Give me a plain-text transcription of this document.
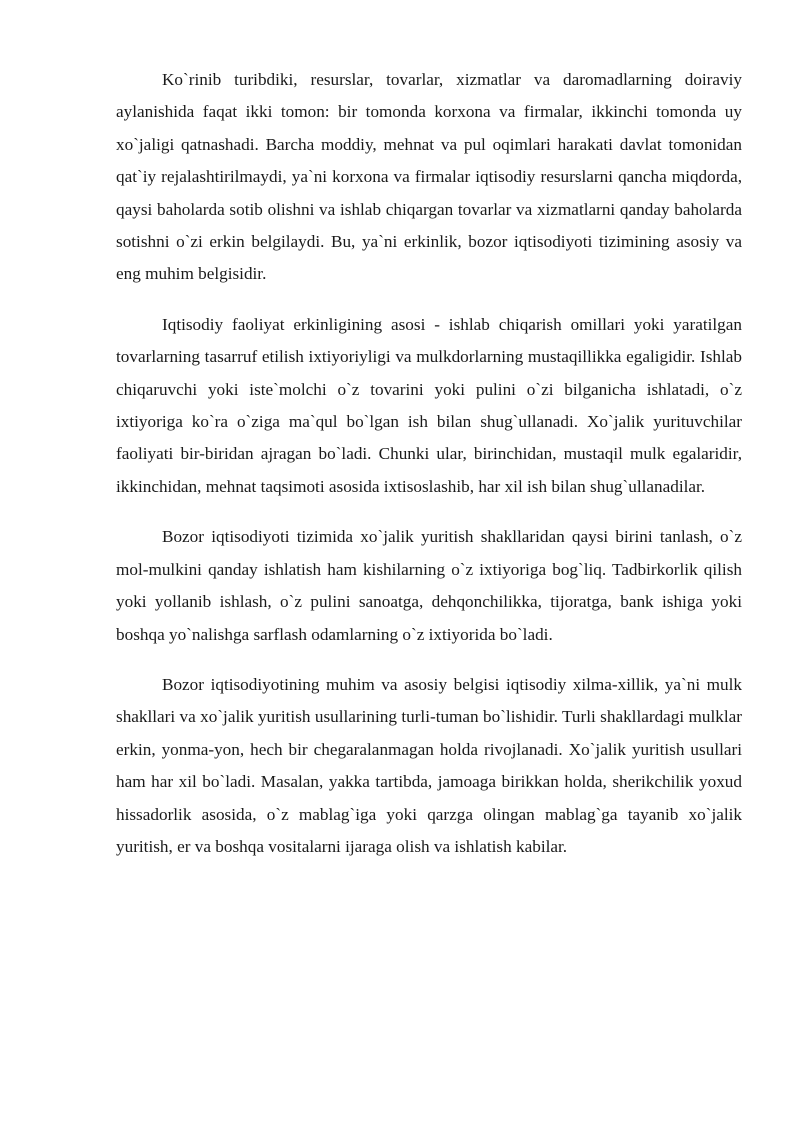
Ko`rinib turibdiki, resurslar, tovarlar, xizmatlar va daromadlarning doiraviy aylanishida faqat ikki tomon: bir tomonda korxona va firmalar, ikkinchi tomonda uy xo`jaligi qatnashadi. Barcha moddiy, mehnat va pul oqimlari harakati davlat tomonidan qat`iy rejalashtirilmaydi, ya`ni korxona va firmalar iqtisodiy resurslarni qancha miqdorda, qaysi baholarda sotib olishni va ishlab chiqargan tovarlar va xizmatlarni qanday baholarda sotishni o`zi erkin belgilaydi. Bu, ya`ni erkinlik, bozor iqtisodiyoti tizimining asosiy va eng muhim belgisidir.

Iqtisodiy faoliyat erkinligining asosi - ishlab chiqarish omillari yoki yaratilgan tovarlarning tasarruf etilish ixtiyoriyligi va mulkdorlarning mustaqillikka egaligidir. Ishlab chiqaruvchi yoki iste`molchi o`z tovarini yoki pulini o`zi bilganicha ishlatadi, o`z ixtiyoriga ko`ra o`ziga ma`qul bo`lgan ish bilan shug`ullanadi. Xo`jalik yurituvchilar faoliyati bir-biridan ajragan bo`ladi. Chunki ular, birinchidan, mustaqil mulk egalaridir, ikkinchidan, mehnat taqsimoti asosida ixtisoslashib, har xil ish bilan shug`ullanadilar.

Bozor iqtisodiyoti tizimida xo`jalik yuritish shakllaridan qaysi birini tanlash, o`z mol-mulkini qanday ishlatish ham kishilarning o`z ixtiyoriga bog`liq. Tadbirkorlik qilish yoki yollanib ishlash, o`z pulini sanoatga, dehqonchilikka, tijoratga, bank ishiga yoki boshqa yo`nalishga sarflash odamlarning o`z ixtiyorida bo`ladi.

Bozor iqtisodiyotining muhim va asosiy belgisi iqtisodiy xilma-xillik, ya`ni mulk shakllari va xo`jalik yuritish usullarining turli-tuman bo`lishidir. Turli shakllardagi mulklar erkin, yonma-yon, hech bir chegaralanmagan holda rivojlanadi. Xo`jalik yuritish usullari ham har xil bo`ladi. Masalan, yakka tartibda, jamoaga birikkan holda, sherikchilik yoxud hissadorlik asosida, o`z mablag`iga yoki qarzga olingan mablag`ga tayanib xo`jalik yuritish, er va boshqa vositalarni ijaraga olish va ishlatish kabilar.
